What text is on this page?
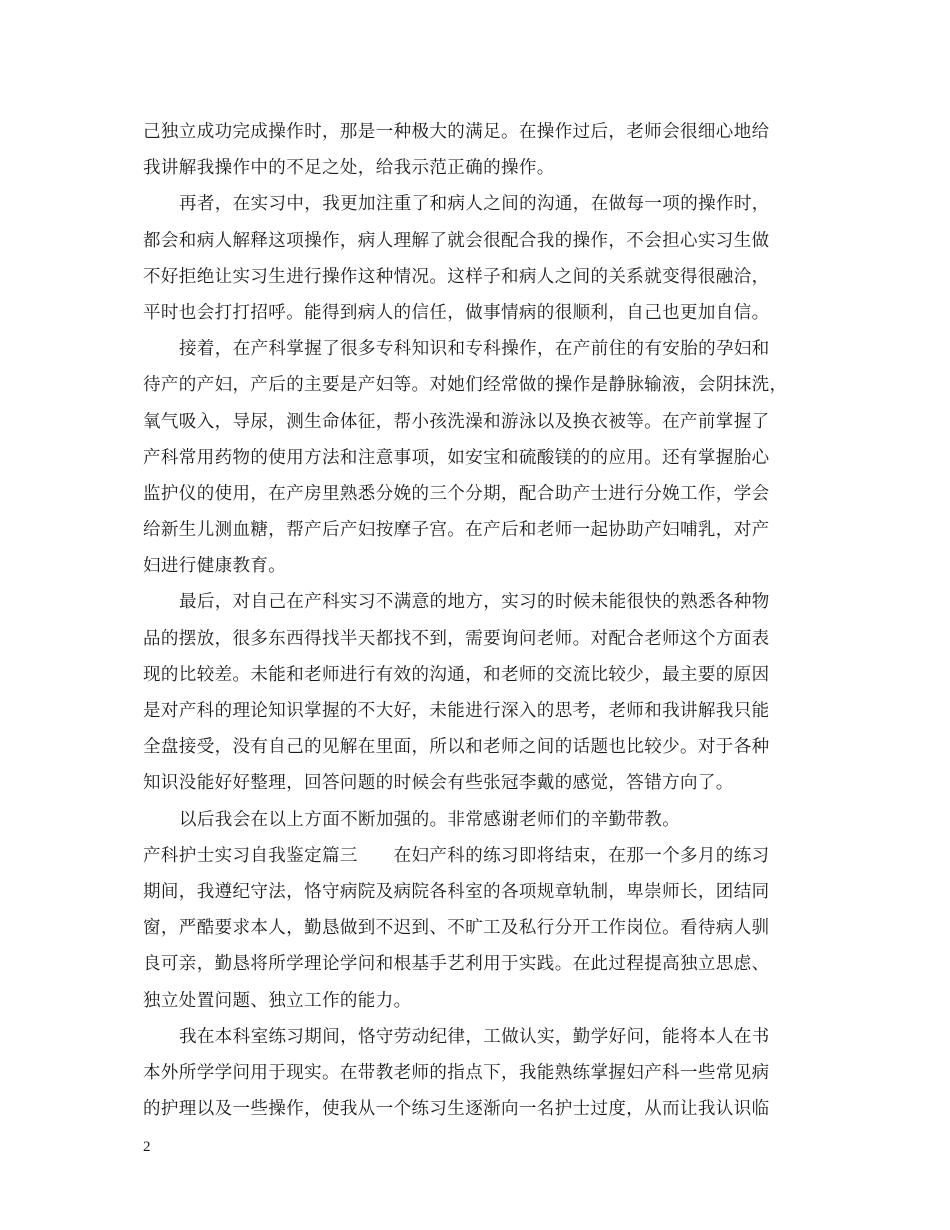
己独立成功完成操作时，那是一种极大的满足。在操作过后，老师会很细心地给
我讲解我操作中的不足之处，给我示范正确的操作。
再者，在实习中，我更加注重了和病人之间的沟通，在做每一项的操作时，
都会和病人解释这项操作，病人理解了就会很配合我的操作，不会担心实习生做
不好拒绝让实习生进行操作这种情况。这样子和病人之间的关系就变得很融洽，
平时也会打打招呼。能得到病人的信任，做事情病的很顺利，自己也更加自信。
接着，在产科掌握了很多专科知识和专科操作，在产前住的有安胎的孕妇和
待产的产妇，产后的主要是产妇等。对她们经常做的操作是静脉输液，会阴抹洗，
氧气吸入，导尿，测生命体征，帮小孩洗澡和游泳以及换衣被等。在产前掌握了
产科常用药物的使用方法和注意事项，如安宝和硫酸镁的的应用。还有掌握胎心
监护仪的使用，在产房里熟悉分娩的三个分期，配合助产士进行分娩工作，学会
给新生儿测血糖，帮产后产妇按摩子宫。在产后和老师一起协助产妇哺乳，对产
妇进行健康教育。
最后，对自己在产科实习不满意的地方，实习的时候未能很快的熟悉各种物
品的摆放，很多东西得找半天都找不到，需要询问老师。对配合老师这个方面表
现的比较差。未能和老师进行有效的沟通，和老师的交流比较少，最主要的原因
是对产科的理论知识掌握的不大好，未能进行深入的思考，老师和我讲解我只能
全盘接受，没有自己的见解在里面，所以和老师之间的话题也比较少。对于各种
知识没能好好整理，回答问题的时候会有些张冠李戴的感觉，答错方向了。
以后我会在以上方面不断加强的。非常感谢老师们的辛勤带教。
产科护士实习自我鉴定篇三　　在妇产科的练习即将结束，在那一个多月的练习
期间，我遵纪守法，恪守病院及病院各科室的各项规章轨制，卑崇师长，团结同
窗，严酷要求本人，勤恳做到不迟到、不旷工及私行分开工作岗位。看待病人驯
良可亲，勤恳将所学理论学问和根基手艺利用于实践。在此过程提高独立思虑、
独立处置问题、独立工作的能力。
我在本科室练习期间，恪守劳动纪律，工做认实，勤学好问，能将本人在书
本外所学学问用于现实。在带教老师的指点下，我能熟练掌握妇产科一些常见病
的护理以及一些操作，使我从一个练习生逐渐向一名护士过度，从而让我认识临
2
